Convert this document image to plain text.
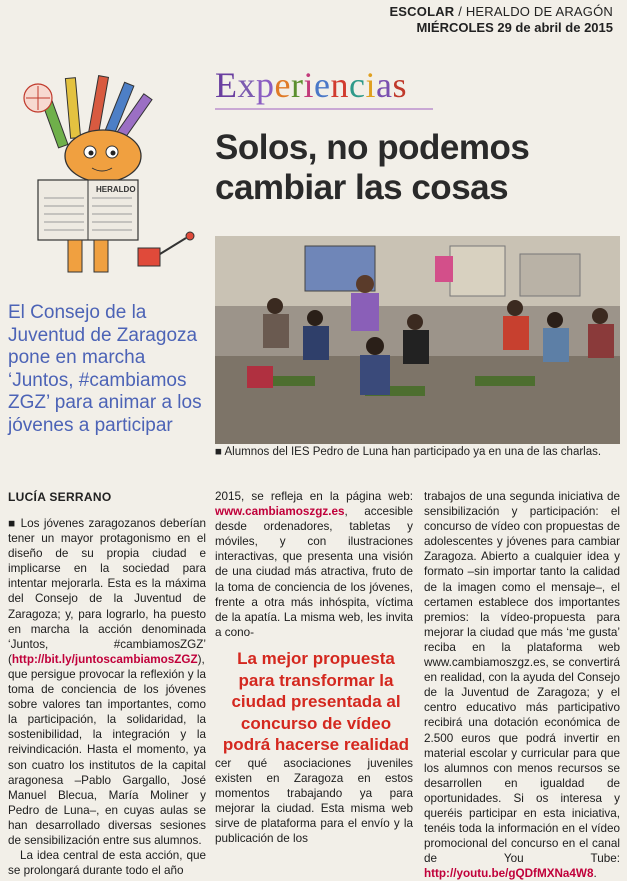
ESCOLAR / HERALDO DE ARAGÓN
MIÉRCOLES 29 de abril de 2015
Experiencias
Solos, no podemos
cambiar las cosas
HERALDO
■ Alumnos del IES Pedro de Luna han participado ya en una de las charlas.
El Consejo de la Juventud de Zaragoza pone en marcha ‘Juntos, #cambiamos ZGZ’ para animar a los jóvenes a participar
LUCÍA SERRANO

■ Los jóvenes zaragozanos deberían tener un mayor protagonismo en el diseño de su propia ciudad e implicarse en la sociedad para intentar mejorarla. Esta es la máxima del Consejo de la Juventud de Zaragoza; y, para lograrlo, ha puesto en marcha la acción denominada ‘Juntos, #cambiamosZGZ’ (http://bit.ly/juntoscambiamosZGZ), que persigue provocar la reflexión y la toma de conciencia de los jóvenes sobre valores tan importantes, como la participación, la solidaridad, la sostenibilidad, la integración y la reivindicación. Hasta el momento, ya son cuatro los institutos de la capital aragonesa –Pablo Gargallo, José Manuel Blecua, María Moliner y Pedro de Luna–, en cuyas aulas se han desarrollado diversas sesiones de sensibilización entre sus alumnos.

La idea central de esta acción, que se prolongará durante todo el año

2015, se refleja en la página web: www.cambiamoszgz.es, accesible desde ordenadores, tabletas y móviles, y con ilustraciones interactivas, que presenta una visión de una ciudad más atractiva, fruto de la toma de conciencia de los jóvenes, frente a otra más inhóspita, víctima de la apatía. La misma web, les invita a cono-

La mejor propuesta para transformar la ciudad presentada al concurso de vídeo podrá hacerse realidad

cer qué asociaciones juveniles existen en Zaragoza en estos momentos trabajando ya para mejorar la ciudad. Esta misma web sirve de plataforma para el envío y la publicación de los

trabajos de una segunda iniciativa de sensibilización y participación: el concurso de vídeo con propuestas de adolescentes y jóvenes para cambiar Zaragoza. Abierto a cualquier idea y formato –sin importar tanto la calidad de la imagen como el mensaje–, el certamen establece dos importantes premios: la vídeo-propuesta para mejorar la ciudad que más ‘me gusta’ reciba en la plataforma web www.cambiamoszgz.es, se convertirá en realidad, con la ayuda del Consejo de la Juventud de Zaragoza; y el centro educativo más participativo recibirá una dotación económica de 2.500 euros que podrá invertir en material escolar y curricular para que los alumnos con menos recursos se desarrollen en igualdad de oportunidades. Si os interesa y queréis participar en esta iniciativa, tenéis toda la información en el vídeo promocional del concurso en el canal de You Tube: http://youtu.be/gQDfMXNa4W8.
